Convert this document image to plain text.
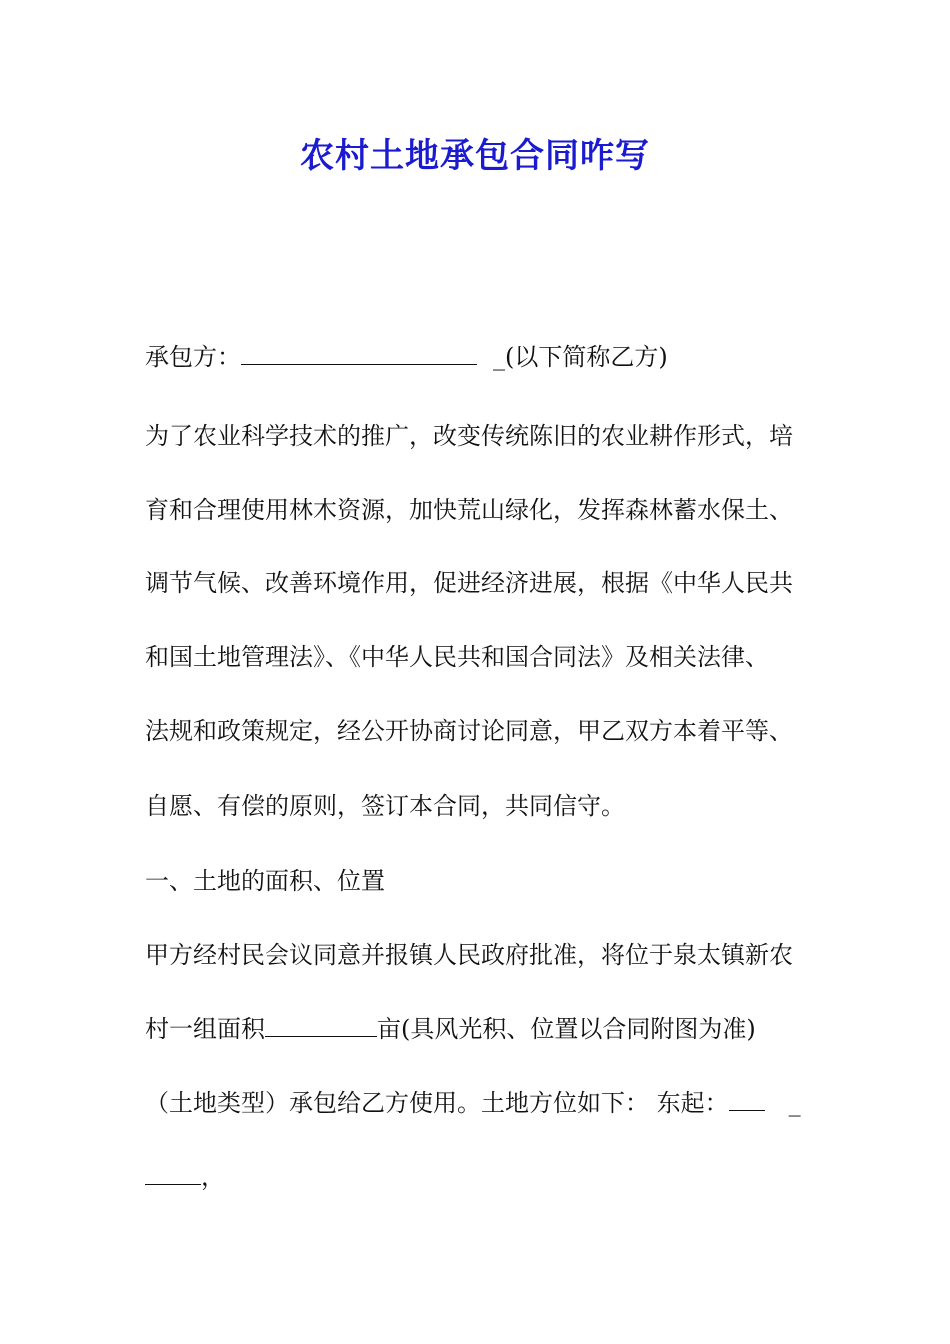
农村土地承包合同咋写
承包方：	_(以下简称乙方)
为了农业科学技术的推广，改变传统陈旧的农业耕作形式，培
育和合理使用林木资源，加快荒山绿化，发挥森林蓄水保土、
调节气候、改善环境作用，促进经济进展，根据《中华人民共
和国土地管理法》、《中华人民共和国合同法》及相关法律、
法规和政策规定，经公开协商讨论同意，甲乙双方本着平等、
自愿、有偿的原则，签订本合同，共同信守。
一、土地的面积、位置
甲方经村民会议同意并报镇人民政府批准，将位于泉太镇新农
村一组面积	亩(具风光积、位置以合同附图为准)
（土地类型）承包给乙方使用。土地方位如下： 东起：	_
，
